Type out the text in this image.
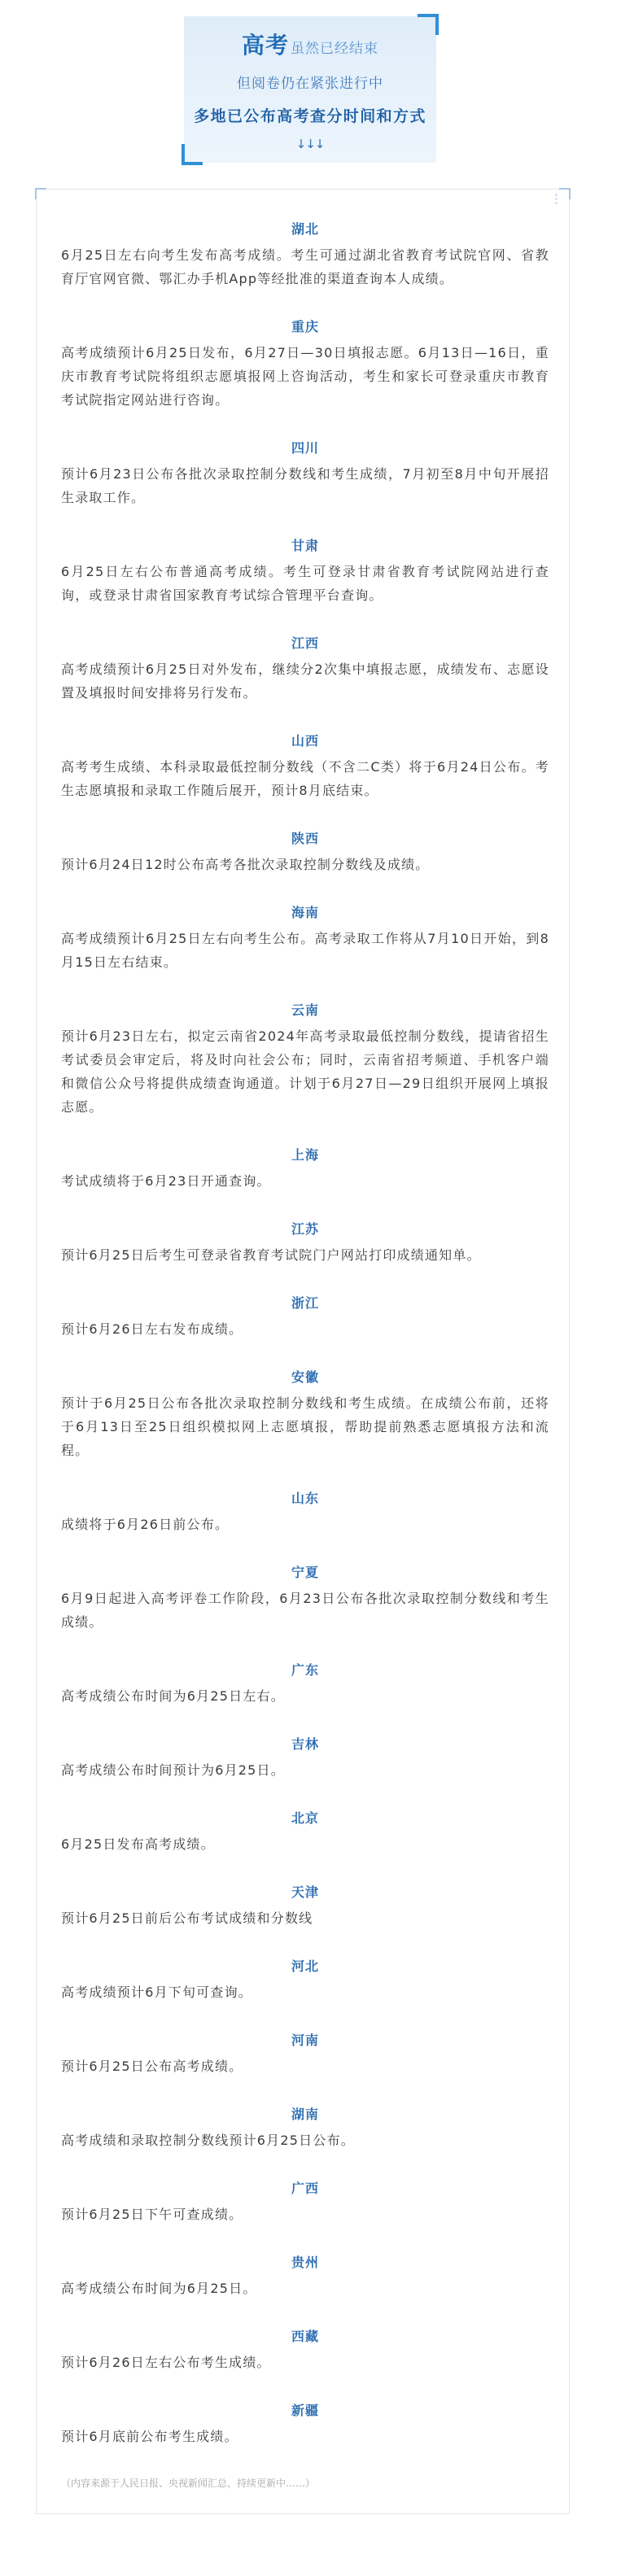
高考 虽然已经结束
但阅卷仍在紧张进行中
多地已公布高考查分时间和方式
↓↓↓
湖北

6月25日左右向考生发布高考成绩。考生可通过湖北省教育考试院官网、省教育厅官网官微、鄂汇办手机App等经批准的渠道查询本人成绩。

重庆

高考成绩预计6月25日发布，6月27日—30日填报志愿。6月13日—16日，重庆市教育考试院将组织志愿填报网上咨询活动，考生和家长可登录重庆市教育考试院指定网站进行咨询。

四川

预计6月23日公布各批次录取控制分数线和考生成绩，7月初至8月中旬开展招生录取工作。

甘肃

6月25日左右公布普通高考成绩。考生可登录甘肃省教育考试院网站进行查询，或登录甘肃省国家教育考试综合管理平台查询。

江西

高考成绩预计6月25日对外发布，继续分2次集中填报志愿，成绩发布、志愿设置及填报时间安排将另行发布。

山西

高考考生成绩、本科录取最低控制分数线（不含二C类）将于6月24日公布。考生志愿填报和录取工作随后展开，预计8月底结束。

陕西

预计6月24日12时公布高考各批次录取控制分数线及成绩。

海南

高考成绩预计6月25日左右向考生公布。高考录取工作将从7月10日开始，到8月15日左右结束。

云南

预计6月23日左右，拟定云南省2024年高考录取最低控制分数线，提请省招生考试委员会审定后，将及时向社会公布；同时，云南省招考频道、手机客户端和微信公众号将提供成绩查询通道。计划于6月27日—29日组织开展网上填报志愿。

上海

考试成绩将于6月23日开通查询。

江苏

预计6月25日后考生可登录省教育考试院门户网站打印成绩通知单。

浙江

预计6月26日左右发布成绩。

安徽

预计于6月25日公布各批次录取控制分数线和考生成绩。在成绩公布前，还将于6月13日至25日组织模拟网上志愿填报，帮助提前熟悉志愿填报方法和流程。

山东

成绩将于6月26日前公布。

宁夏

6月9日起进入高考评卷工作阶段，6月23日公布各批次录取控制分数线和考生成绩。

广东

高考成绩公布时间为6月25日左右。

吉林

高考成绩公布时间预计为6月25日。

北京

6月25日发布高考成绩。

天津

预计6月25日前后公布考试成绩和分数线

河北

高考成绩预计6月下旬可查询。

河南

预计6月25日公布高考成绩。

湖南

高考成绩和录取控制分数线预计6月25日公布。

广西

预计6月25日下午可查成绩。

贵州

高考成绩公布时间为6月25日。

西藏

预计6月26日左右公布考生成绩。

新疆

预计6月底前公布考生成绩。

（内容来源于人民日报、央视新闻汇总，持续更新中……）
